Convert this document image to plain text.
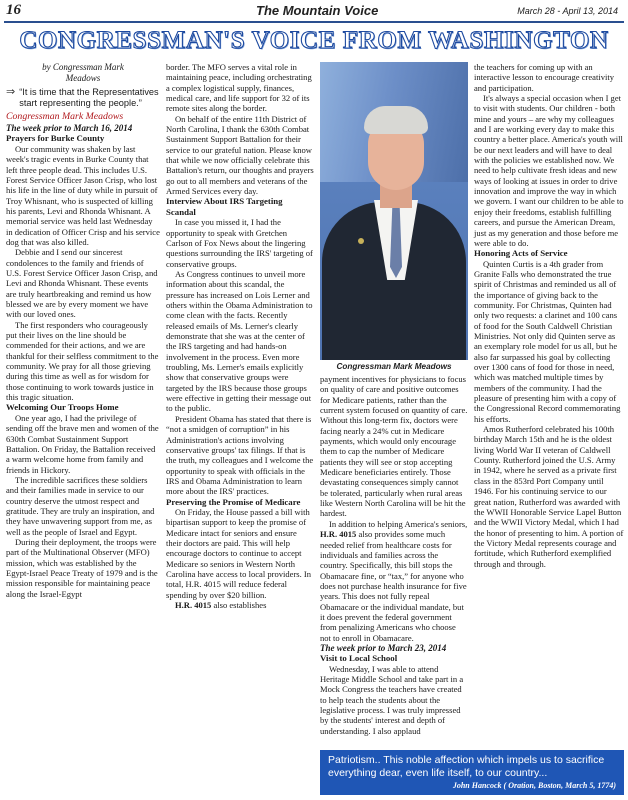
16	The Mountain Voice	March 28 - April 13, 2014
CONGRESSMAN'S VOICE FROM WASHINGTON
by Congressman Mark
Meadows
⇒ “It is time that the Representatives start representing the people.”
Congressman Mark Meadows
The week prior to March 16, 2014
Prayers for Burke County

Our community was shaken by last week's tragic events in Burke County that left three people dead. This includes U.S. Forest Service Officer Jason Crisp, who lost his life in the line of duty while in pursuit of Troy Whisnant, who is suspected of killing his parents, Levi and Rhonda Whisnant. A memorial service was held last Wednesday in dedication of Officer Crisp and his service dog that was also killed.

Debbie and I send our sincerest condolences to the family and friends of U.S. Forest Service Officer Jason Crisp, and Levi and Rhonda Whisnant. These events are truly heartbreaking and remind us how blessed we are by every moment we have with our loved ones.

The first responders who courageously put their lives on the line should be commended for their actions, and we are thankful for their selfless commitment to the community. We pray for all those grieving during this time as well as for wisdom for those continuing to work towards justice in this tragic situation.

Welcoming Our Troops Home

One year ago, I had the privilege of sending off the brave men and women of the 630th Combat Sustainment Support Battalion. On Friday, the Battalion received a warm welcome home from family and friends in Hickory.

The incredible sacrifices these soldiers and their families made in service to our country deserve the utmost respect and gratitude. They are truly an inspiration, and they have unwavering support from me, as well as the people of Israel and Egypt.

During their deployment, the troops were part of the Multinational Observer (MFO) mission, which was established by the Egypt-Israel Peace Treaty of 1979 and is the mission responsible for maintaining peace along the Israel-Egypt

border. The MFO serves a vital role in maintaining peace, including orchestrating a complex logistical supply, finances, medical care, and life support for 32 of its remote sites along the border.

On behalf of the entire 11th District of North Carolina, I thank the 630th Combat Sustainment Support Battalion for their service to our grateful nation. Please know that while we now officially celebrate this Battalion's return, our thoughts and prayers go out to all members and veterans of the Armed Services every day.

Interview About IRS Targeting Scandal

In case you missed it, I had the opportunity to speak with Gretchen Carlson of Fox News about the lingering questions surrounding the IRS' targeting of conservative groups.

As Congress continues to unveil more information about this scandal, the pressure has increased on Lois Lerner and others within the Obama Administration to come clean with the facts. Recently released emails of Ms. Lerner's clearly demonstrate that she was at the center of the IRS targeting and had hands-on involvement in the process. Even more troubling, Ms. Lerner's emails explicitly show that conservative groups were targeted by the IRS because those groups were effective in getting their message out to the public.

President Obama has stated that there is “not a smidgen of corruption” in his Administration's actions involving conservative groups' tax filings. If that is the truth, my colleagues and I welcome the opportunity to speak with officials in the IRS and Obama Administration to learn more about the IRS' practices.

Preserving the Promise of Medicare

On Friday, the House passed a bill with bipartisan support to keep the promise of Medicare intact for seniors and ensure their doctors are paid. This will help encourage doctors to continue to accept Medicare so seniors in Western North Carolina have access to local providers. In total, H.R. 4015 will reduce federal spending by over $20 billion.

H.R. 4015 also establishes

Congressman Mark Meadows

payment incentives for physicians to focus on quality of care and positive outcomes for Medicare patients, rather than the current system focused on quantity of care. Without this long-term fix, doctors were facing nearly a 24% cut in Medicare payments, which would only encourage them to cap the number of Medicare patients they will see or stop accepting Medicare beneficiaries entirely. Those devastating consequences simply cannot be tolerated, particularly when rural areas like Western North Carolina will be hit the hardest.

In addition to helping America's seniors, H.R. 4015 also provides some much needed relief from healthcare costs for individuals and families across the country. Specifically, this bill stops the Obamacare fine, or “tax,” for anyone who does not purchase health insurance for five years. This does not fully repeal Obamacare or the individual mandate, but it does prevent the federal government from penalizing Americans who choose not to enroll in Obamacare.

The week prior to March 23, 2014
Visit to Local School

Wednesday, I was able to attend Heritage Middle School and take part in a Mock Congress the teachers have created to help teach the students about the legislative process. I was truly impressed by the students' interest and depth of understanding. I also applaud

the teachers for coming up with an interactive lesson to encourage creativity and participation.

It's always a special occasion when I get to visit with students. Our children - both mine and yours – are why my colleagues and I are working every day to make this country a better place. America's youth will be our next leaders and will have to deal with the policies we established now. We need to help cultivate fresh ideas and new ways of looking at issues in order to drive innovation and improve the way in which we govern. I want our children to be able to enjoy their freedoms, establish fulfilling careers, and pursue the American Dream, just as my generation and those before me were able to do.

Honoring Acts of Service

Quinten Curtis is a 4th grader from Granite Falls who demonstrated the true spirit of Christmas and reminded us all of the importance of giving back to the community. For Christmas, Quinten had only two requests: a clarinet and 100 cans of food for the South Caldwell Christian Ministries. Not only did Quinten serve as an exemplary role model for us all, but he also far surpassed his goal by collecting over 1300 cans of food for those in need, which was matched multiple times by members of the community. I had the pleasure of presenting him with a copy of the Congressional Record commemorating his efforts.

Amos Rutherford celebrated his 100th birthday March 15th and he is the oldest living World War II veteran of Caldwell County. Rutherford joined the U.S. Army in 1942, where he served as a private first class in the 853rd Port Company until 1946. For his continuing service to our great nation, Rutherford was awarded with the WWII Honorable Service Lapel Button and the WWII Victory Medal, which I had the honor of presenting to him. A portion of the Victory Medal represents courage and fortitude, which Rutherford exemplified through and through.

Patriotism.. This noble affection which impels us to sacrifice everything dear, even life itself, to our country...
John Hancock ( Oration, Boston, March 5, 1774)
